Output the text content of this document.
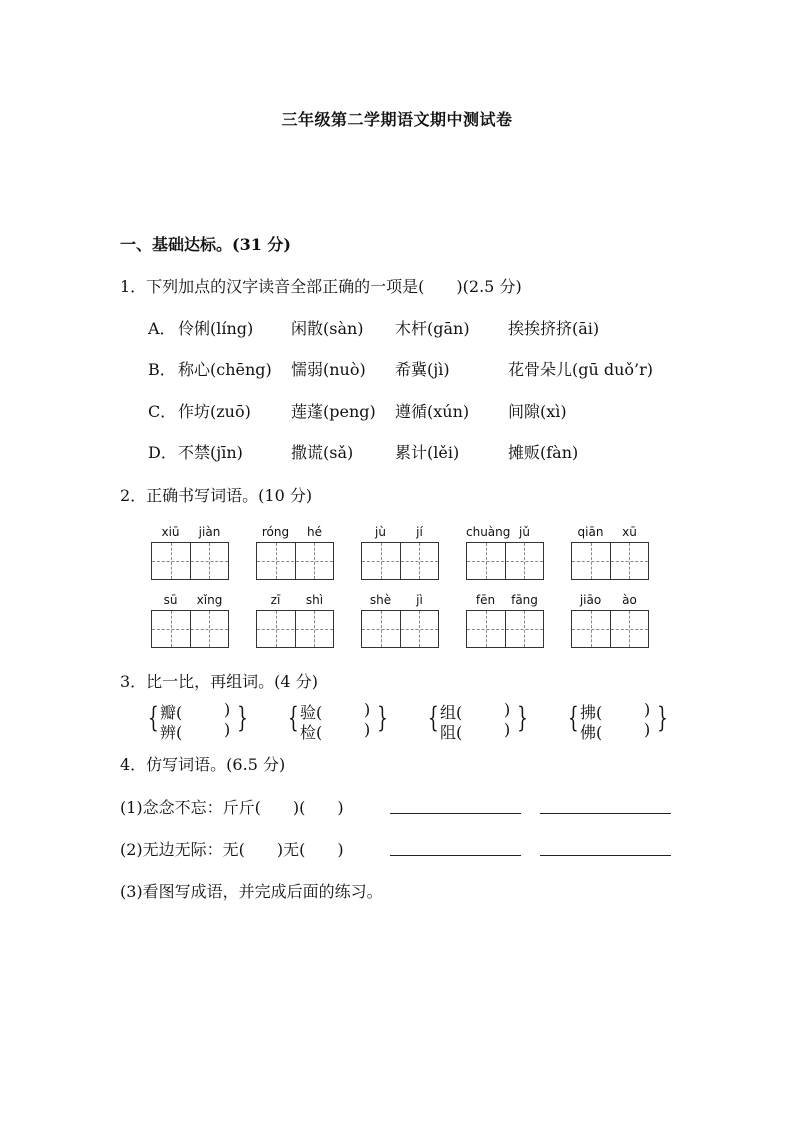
三年级第二学期语文期中测试卷
一、基础达标。(31 分)
1．下列加点的汉字读音全部正确的一项是(　　)(2.5 分)
A． 伶俐(líng) 闲散(sàn) 木杆(gān) 挨挨挤挤(āi)
B． 称心(chēng) 懦弱(nuò) 希冀(jì)	花骨朵儿(gū duǒ’r)
C． 作坊(zuō)	莲蓬(peng) 遵循(xún) 间隙(xì)
D． 不禁(jīn)	撒谎(sǎ)	累计(lěi)	摊贩(fàn)
2．正确书写词语。(10 分)
xiū	jiàn	róng	hé	jù	jí	chuàng jǔ	qiān	xū
sū	xǐng	zī	shì	shè	jì	fēn	fāng	jiāo	ào
3．比一比，再组词。(4 分)
{ 瓣(	)
辨(	) } { 验(	)
检(	) } { 组(	)
阻(	) } { 拂(	)
佛(	) }
4．仿写词语。(6.5 分)
(1)念念不忘：斤斤(　　)(　　)
(2)无边无际：无(　　)无(　　)
(3)看图写成语，并完成后面的练习。
